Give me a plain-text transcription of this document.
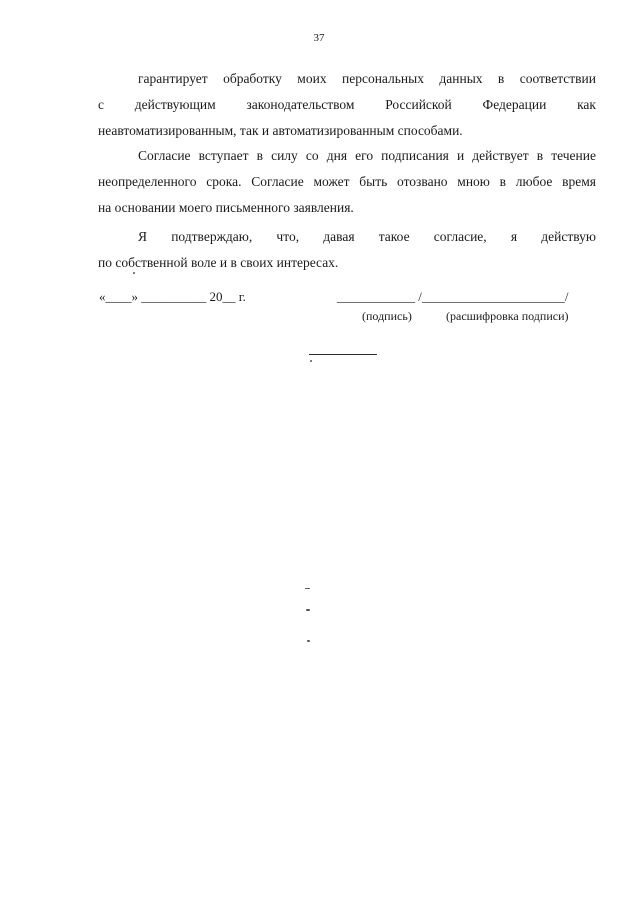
37
гарантирует обработку моих персональных данных в соответствии
с действующим законодательством Российской Федерации как
неавтоматизированным, так и автоматизированным способами.
Согласие вступает в силу со дня его подписания и действует в течение
неопределенного срока. Согласие может быть отозвано мною в любое время
на основании моего письменного заявления.
Я подтверждаю, что, давая такое согласие, я действую
по собственной воле и в своих интересах.
«____» __________ 20__ г.	____________ /______________________/
(подпись)	(расшифровка подписи)
